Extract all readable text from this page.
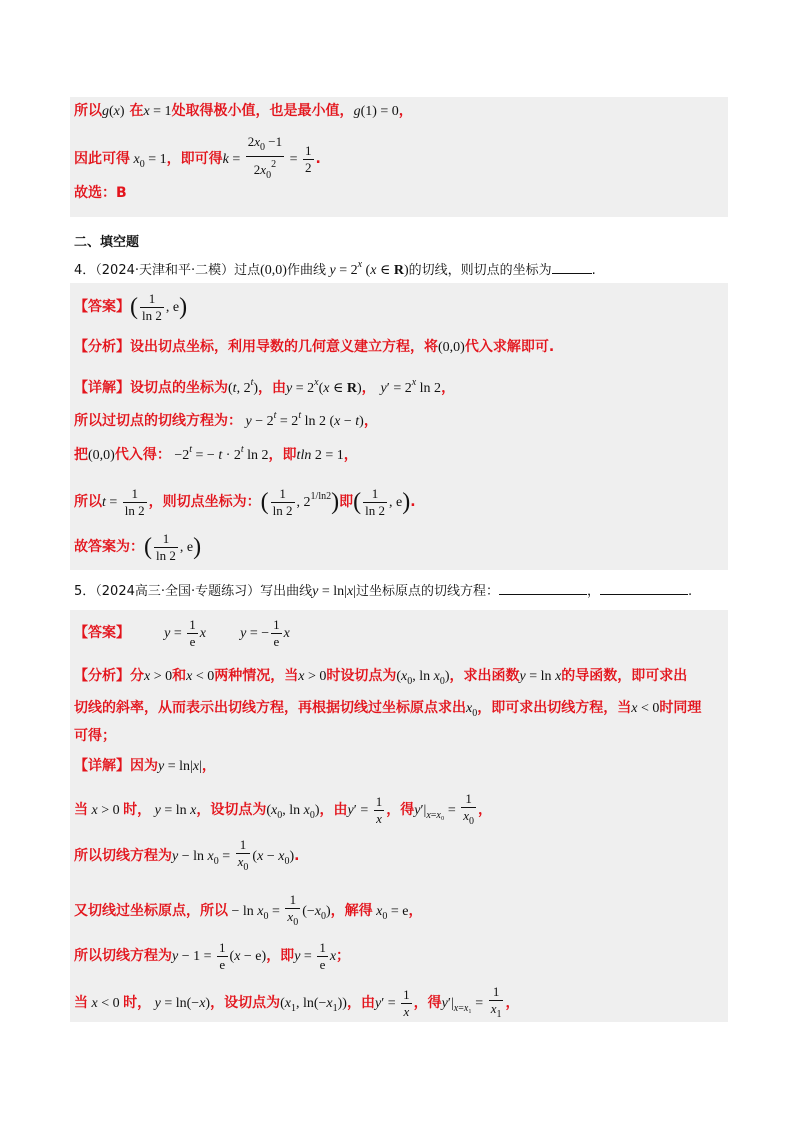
所以g(x) 在x = 1处取得极小值，也是最小值，g(1) = 0，
因此可得 $x_0 = 1$，即可得$k = \frac{2x_0 -1}{2x_0^2} = \frac{1}{2}$ .
故选：B
二、填空题
4．（2024·天津和平·二模）过点(0,0)作曲线 $y = 2^x$ (x ∈ R)的切线，则切点的坐标为	.
【答案】( $\frac{1}{\ln 2}$ , e)
【分析】设出切点坐标，利用导数的几何意义建立方程，将(0,0)代入求解即可.
【详解】设切点的坐标为(t, 2$^t$)，由$y = 2^x(x$ ∈ R)， $y' = 2^x$ ln 2，
所以过切点的切线方程为： $y - 2^t = 2^t$ ln 2 (x − t)，
把(0,0)代入得： $-2^t$ = − $t \cdot 2^t$ ln 2，即tln 2 = 1，
所以$t = \frac{1}{\ln 2}$ ，则切点坐标为：( $\frac{1}{\ln 2}$ , $2^{1/ln2}$)即( $\frac{1}{\ln 2}$ , e).
故答案为：( $\frac{1}{\ln 2}$ , e)
5．（2024高三·全国·专题练习）写出曲线y = ln|x|过坐标原点的切线方程：	，	.
【答案】 $y = \frac{1}{e}$ x y = − $\frac{1}{e}$ x
【分析】分x > 0和x < 0两种情况，当x > 0时设切点为($x_0$, $\ln x_0$)，求出函数y = ln x的导函数，即可求出
切线的斜率，从而表示出切线方程，再根据切线过坐标原点求出$x_0$，即可求出切线方程，当x < 0时同理
可得；
【详解】因为y = ln|x|，
当 x > 0 时， y = ln x，设切点为($x_0$, $\ln x_0$)，由$y' = \frac{1}{x}$ ，得$y'|_{x=x_0} = \frac{1}{x_0}$ ，
所以切线方程为$y - \ln x_0 = \frac{1}{x_0} (x - x_0)$.
又切线过坐标原点，所以 − $\ln x_0 = \frac{1}{x_0} (-x_0)$，解得 $x_0 = e$，
所以切线方程为$y - 1 = \frac{1}{e} (x - e)$，即$y = \frac{1}{e}$ x；
当 x < 0 时， y = ln(−x)，设切点为($x_1$, $\ln(-x_1)$)，由$y' = \frac{1}{x}$ ，得$y'|_{x=x_1} = \frac{1}{x_1}$ ，
